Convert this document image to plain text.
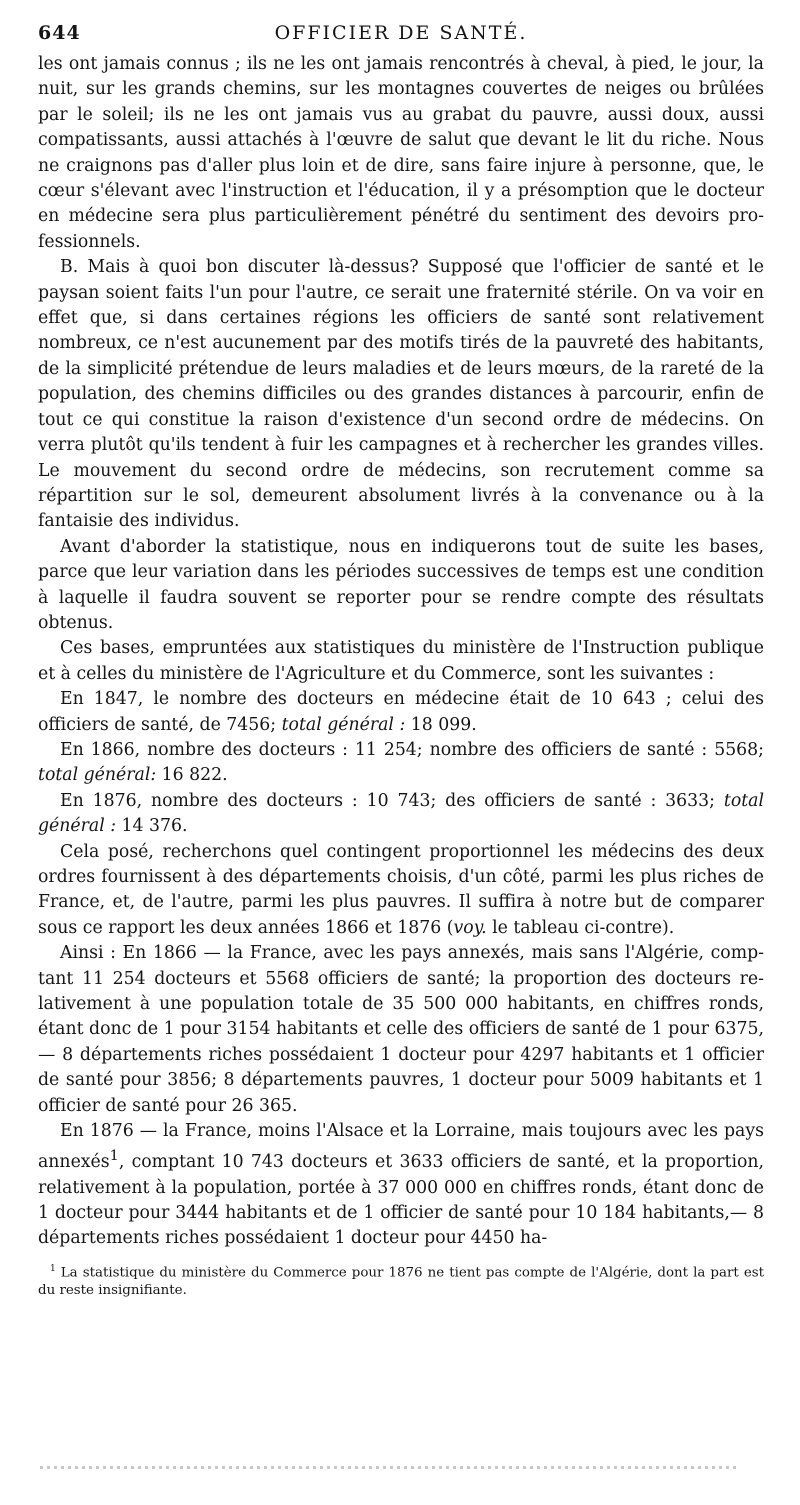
644	OFFICIER DE SANTÉ.

les ont jamais connus ; ils ne les ont jamais rencontrés à cheval, à pied, le jour, la nuit, sur les grands chemins, sur les montagnes couvertes de neiges ou brûlées par le soleil; ils ne les ont jamais vus au grabat du pauvre, aussi doux, aussi compatissants, aussi attachés à l'œuvre de salut que devant le lit du riche. Nous ne craignons pas d'aller plus loin et de dire, sans faire injure à personne, que, le cœur s'élevant avec l'instruction et l'éducation, il y a présomption que le docteur en médecine sera plus particulièrement pénétré du sentiment des devoirs professionnels.

B. Mais à quoi bon discuter là-dessus? Supposé que l'officier de santé et le paysan soient faits l'un pour l'autre, ce serait une fraternité stérile. On va voir en effet que, si dans certaines régions les officiers de santé sont relativement nombreux, ce n'est aucunement par des motifs tirés de la pauvreté des habitants, de la simplicité prétendue de leurs maladies et de leurs mœurs, de la rareté de la population, des chemins difficiles ou des grandes distances à parcourir, enfin de tout ce qui constitue la raison d'existence d'un second ordre de médecins. On verra plutôt qu'ils tendent à fuir les campagnes et à rechercher les grandes villes. Le mouvement du second ordre de médecins, son recrutement comme sa répartition sur le sol, demeurent absolument livrés à la convenance ou à la fantaisie des individus.

Avant d'aborder la statistique, nous en indiquerons tout de suite les bases, parce que leur variation dans les périodes successives de temps est une condition à laquelle il faudra souvent se reporter pour se rendre compte des résultats obtenus.

Ces bases, empruntées aux statistiques du ministère de l'Instruction publique et à celles du ministère de l'Agriculture et du Commerce, sont les suivantes :

En 1847, le nombre des docteurs en médecine était de 10 643 ; celui des officiers de santé, de 7456; total général : 18 099.

En 1866, nombre des docteurs : 11 254; nombre des officiers de santé : 5568; total général: 16 822.

En 1876, nombre des docteurs : 10 743; des officiers de santé : 3633; total général : 14 376.

Cela posé, recherchons quel contingent proportionnel les médecins des deux ordres fournissent à des départements choisis, d'un côté, parmi les plus riches de France, et, de l'autre, parmi les plus pauvres. Il suffira à notre but de comparer sous ce rapport les deux années 1866 et 1876 (voy. le tableau ci-contre).

Ainsi : En 1866 — la France, avec les pays annexés, mais sans l'Algérie, comptant 11 254 docteurs et 5568 officiers de santé; la proportion des docteurs relativement à une population totale de 35 500 000 habitants, en chiffres ronds, étant donc de 1 pour 3154 habitants et celle des officiers de santé de 1 pour 6375, — 8 départements riches possédaient 1 docteur pour 4297 habitants et 1 officier de santé pour 3856; 8 départements pauvres, 1 docteur pour 5009 habitants et 1 officier de santé pour 26 365.

En 1876 — la France, moins l'Alsace et la Lorraine, mais toujours avec les pays annexés$^1$, comptant 10 743 docteurs et 3633 officiers de santé, et la proportion, relativement à la population, portée à 37 000 000 en chiffres ronds, étant donc de 1 docteur pour 3444 habitants et de 1 officier de santé pour 10 184 habitants,— 8 départements riches possédaient 1 docteur pour 4450 ha-

$^1$ La statistique du ministère du Commerce pour 1876 ne tient pas compte de l'Algérie, dont la part est du reste insignifiante.
